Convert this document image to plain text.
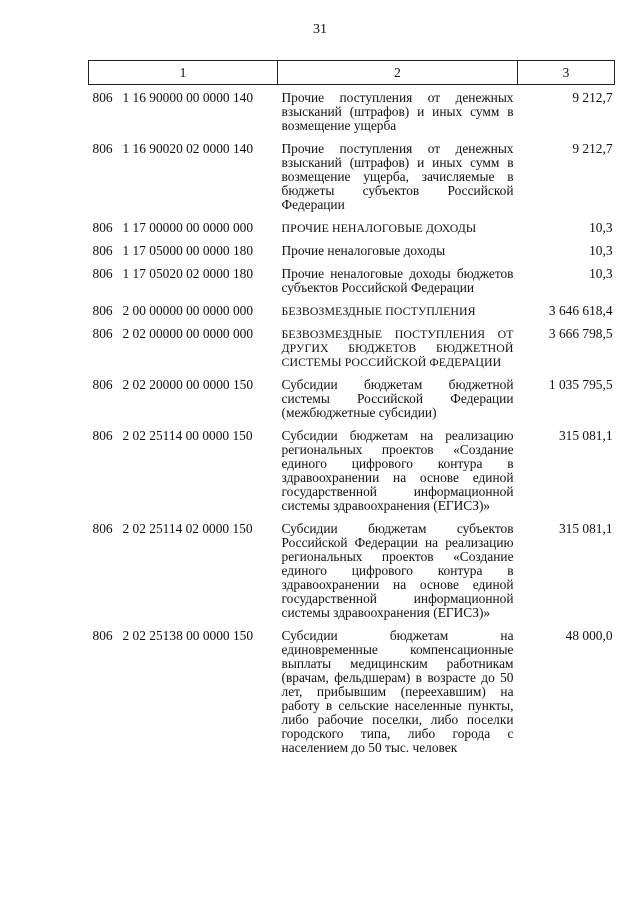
31
1		2	3
806	1 16 90000 00 0000 140	Прочие поступления от денежных взысканий (штрафов) и иных сумм в возмещение ущерба	9 212,7
806	1 16 90020 02 0000 140	Прочие поступления от денежных взысканий (штрафов) и иных сумм в возмещение ущерба, зачисляемые в бюджеты субъектов Российской Федерации	9 212,7
806	1 17 00000 00 0000 000	ПРОЧИЕ НЕНАЛОГОВЫЕ ДОХОДЫ	10,3
806	1 17 05000 00 0000 180	Прочие неналоговые доходы	10,3
806	1 17 05020 02 0000 180	Прочие неналоговые доходы бюджетов субъектов Российской Федерации	10,3
806	2 00 00000 00 0000 000	БЕЗВОЗМЕЗДНЫЕ ПОСТУПЛЕНИЯ	3 646 618,4
806	2 02 00000 00 0000 000	БЕЗВОЗМЕЗДНЫЕ ПОСТУПЛЕНИЯ ОТ ДРУГИХ БЮДЖЕТОВ БЮДЖЕТНОЙ СИСТЕМЫ РОССИЙСКОЙ ФЕДЕРАЦИИ	3 666 798,5
806	2 02 20000 00 0000 150	Субсидии бюджетам бюджетной системы Российской Федерации (межбюджетные субсидии)	1 035 795,5
806	2 02 25114 00 0000 150	Субсидии бюджетам на реализацию региональных проектов «Создание единого цифрового контура в здравоохранении на основе единой государственной информационной системы здравоохранения (ЕГИСЗ)»	315 081,1
806	2 02 25114 02 0000 150	Субсидии бюджетам субъектов Российской Федерации на реализацию региональных проектов «Создание единого цифрового контура в здравоохранении на основе единой государственной информационной системы здравоохранения (ЕГИСЗ)»	315 081,1
806	2 02 25138 00 0000 150	Субсидии бюджетам на единовременные компенсационные выплаты медицинским работникам (врачам, фельдшерам) в возрасте до 50 лет, прибывшим (переехавшим) на работу в сельские населенные пункты, либо рабочие поселки, либо поселки городского типа, либо города с населением до 50 тыс. человек	48 000,0
